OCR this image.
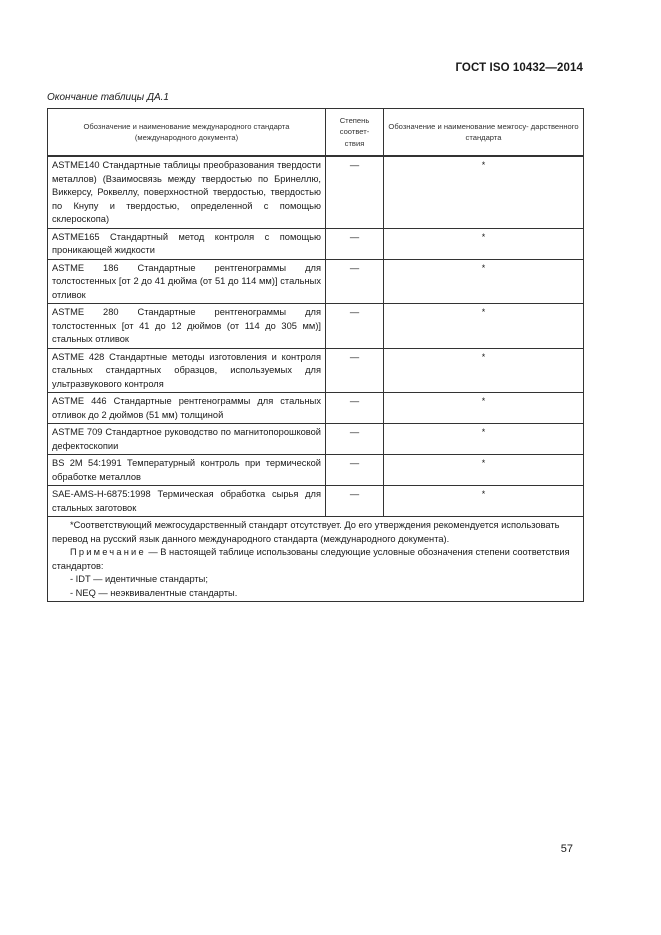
ГОСТ ISO 10432—2014
Окончание таблицы ДА.1
Обозначение и наименование международного стандарта (международного документа)	Степень соответ- ствия	Обозначение и наименование межгосу- дарственного стандарта
ASTME140 Стандартные таблицы преобразования твердости металлов) (Взаимосвязь между твердостью по Бринеллю, Виккерсу, Роквеллу, поверхностной твердостью, твердостью по Кнупу и твердостью, определенной с помощью склероскопа)	—	*
ASTME165 Стандартный метод контроля с помощью проникающей жидкости	—	*
ASTME 186 Стандартные рентгенограммы для толстостенных [от 2 до 41 дюйма (от 51 до 114 мм)] стальных отливок	—	*
ASTME 280 Стандартные рентгенограммы для толстостенных [от 41 до 12 дюймов (от 114 до 305 мм)] стальных отливок	—	*
ASTME 428 Стандартные методы изготовления и контроля стальных стандартных образцов, используемых для ультразвукового контроля	—	*
ASTME 446 Стандартные рентгенограммы для стальных отливок до 2 дюймов (51 мм) толщиной	—	*
ASTME 709 Стандартное руководство по магнитопорошковой дефектоскопии	—	*
BS 2M 54:1991 Температурный контроль при термической обработке металлов	—	*
SAE-AMS-H-6875:1998 Термическая обработка сырья для стальных заготовок	—	*

*Соответствующий межгосударственный стандарт отсутствует. До его утверждения рекомендуется использовать перевод на русский язык данного международного стандарта (международного документа).
Примечание — В настоящей таблице использованы следующие условные обозначения степени соответствия стандартов:
- IDT — идентичные стандарты;
- NEQ — неэквивалентные стандарты.		
57
